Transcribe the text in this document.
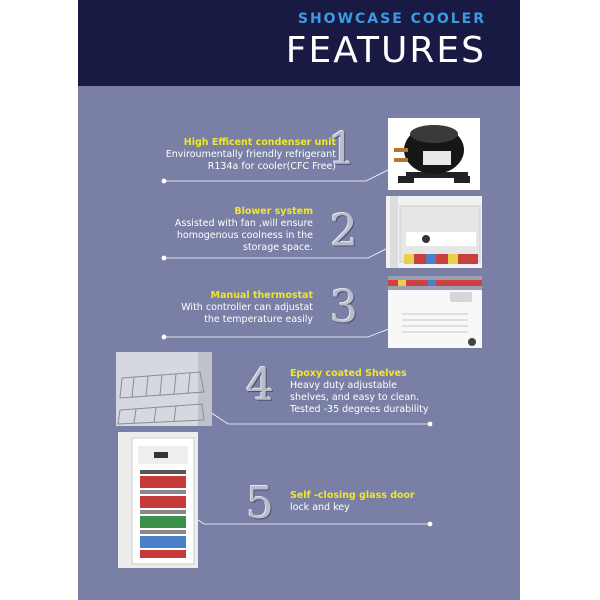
SHOWCASE COOLER
FEATURES
High Efficent condenser unit
Enviroumentally friendly refrigerant
R134a for cooler(CFC Free)
1
Blower system
Assisted with fan ,will ensure
homogenous coolness in the
storage space. 2
Manual thermostat
With controller can adjustat
the temperature easily 3
4 Epoxy coated Shelves
Heavy duty adjustable
shelves, and easy to clean.
Tested -35 degrees durability
5 Self -closing glass door
lock and key
